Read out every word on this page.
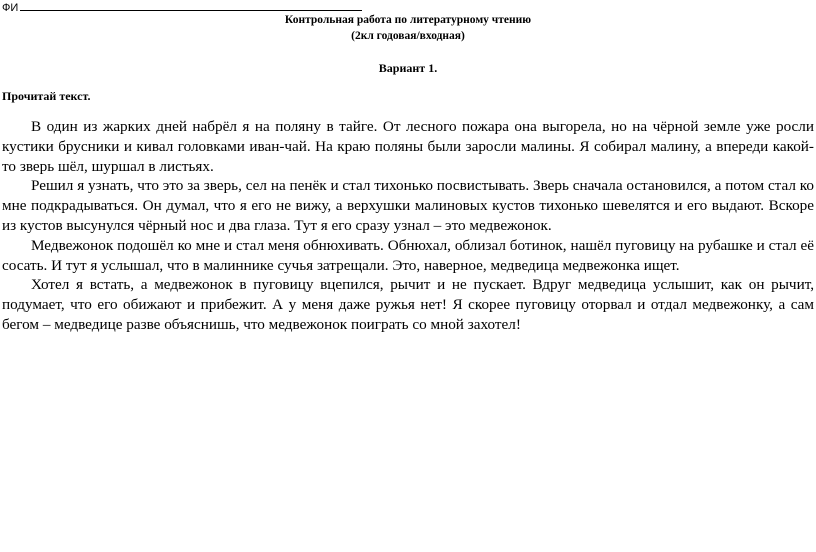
ФИ
Контрольная работа по литературному чтению
(2кл годовая/входная)
Вариант 1.
Прочитай текст.

В один из жарких дней набрёл я на поляну в тайге. От лесного пожара она выгорела, но на чёрной земле уже росли кустики брусники и кивал головками иван-чай. На краю поляны были заросли малины. Я собирал малину, а впереди какой-то зверь шёл, шуршал в листьях.

Решил я узнать, что это за зверь, сел на пенёк и стал тихонько посвистывать. Зверь сначала остановился, а потом стал ко мне подкрадываться. Он думал, что я его не вижу, а верхушки малиновых кустов тихонько шевелятся и его выдают. Вскоре из кустов высунулся чёрный нос и два глаза. Тут я его сразу узнал – это медвежонок.

Медвежонок подошёл ко мне и стал меня обнюхивать. Обнюхал, облизал ботинок, нашёл пуговицу на рубашке и стал её сосать. И тут я услышал, что в малиннике сучья затрещали. Это, наверное, медведица медвежонка ищет.

Хотел я встать, а медвежонок в пуговицу вцепился, рычит и не пускает. Вдруг медведица услышит, как он рычит, подумает, что его обижают и прибежит. А у меня даже ружья нет! Я скорее пуговицу оторвал и отдал медвежонку, а сам бегом – медведице разве объяснишь, что медвежонок поиграть со мной захотел!
